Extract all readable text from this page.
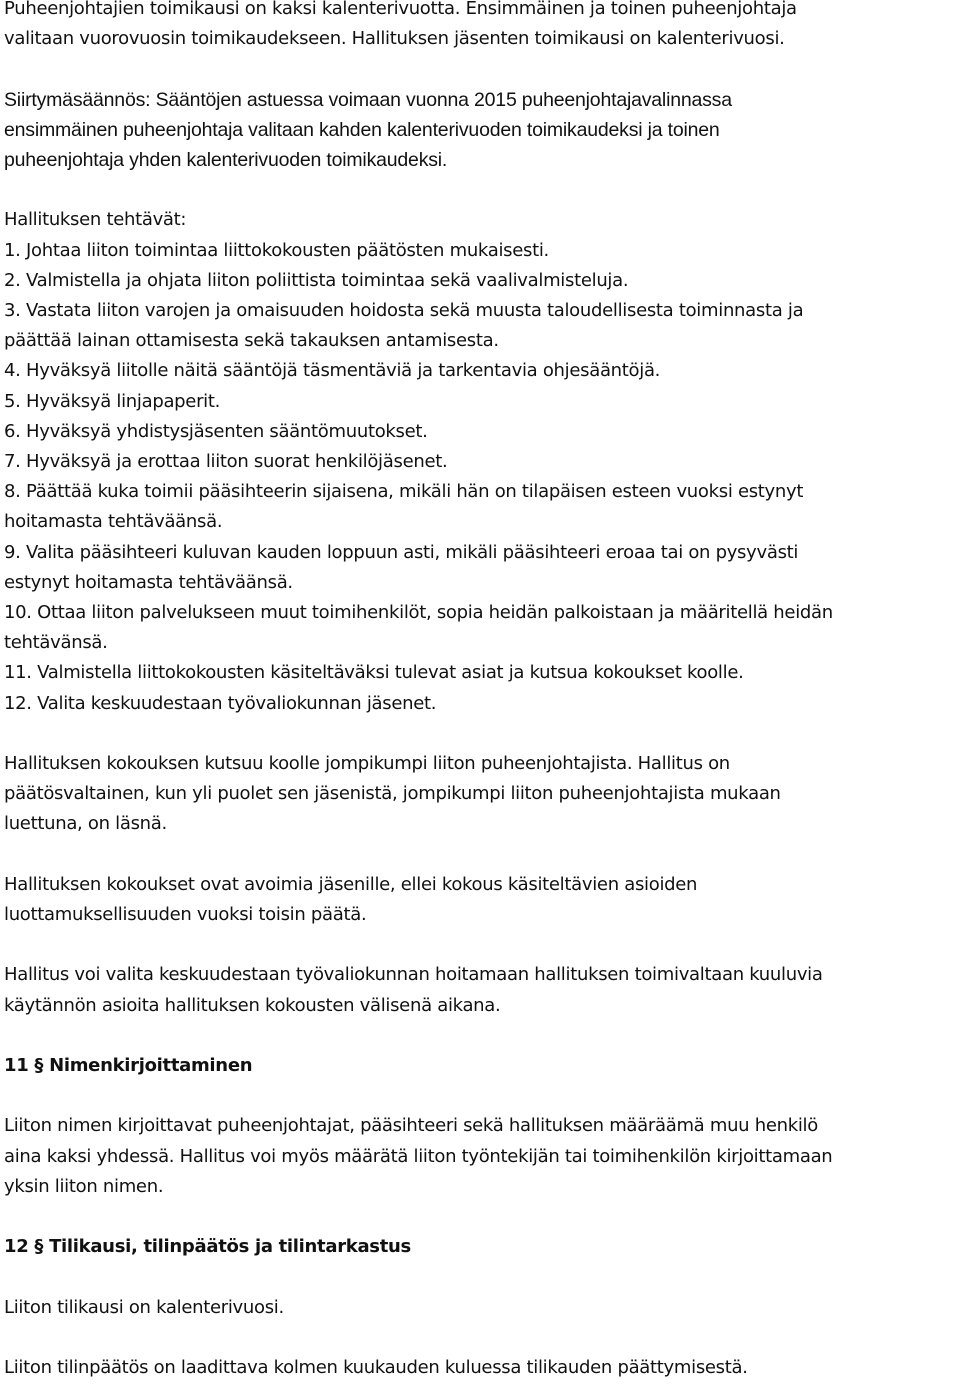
Puheenjohtajien toimikausi on kaksi kalenterivuotta. Ensimmäinen ja toinen puheenjohtaja
valitaan vuorovuosin toimikaudekseen. Hallituksen jäsenten toimikausi on kalenterivuosi.
Siirtymäsäännös: Sääntöjen astuessa voimaan vuonna 2015 puheenjohtajavalinnassa
ensimmäinen puheenjohtaja valitaan kahden kalenterivuoden toimikaudeksi ja toinen
puheenjohtaja yhden kalenterivuoden toimikaudeksi.
Hallituksen tehtävät:
1. Johtaa liiton toimintaa liittokokousten päätösten mukaisesti.
2. Valmistella ja ohjata liiton poliittista toimintaa sekä vaalivalmisteluja.
3. Vastata liiton varojen ja omaisuuden hoidosta sekä muusta taloudellisesta toiminnasta ja
päättää lainan ottamisesta sekä takauksen antamisesta.
4. Hyväksyä liitolle näitä sääntöjä täsmentäviä ja tarkentavia ohjesääntöjä.
5. Hyväksyä linjapaperit.
6. Hyväksyä yhdistysjäsenten sääntömuutokset.
7. Hyväksyä ja erottaa liiton suorat henkilöjäsenet.
8. Päättää kuka toimii pääsihteerin sijaisena, mikäli hän on tilapäisen esteen vuoksi estynyt
hoitamasta tehtäväänsä.
9. Valita pääsihteeri kuluvan kauden loppuun asti, mikäli pääsihteeri eroaa tai on pysyvästi
estynyt hoitamasta tehtäväänsä.
10. Ottaa liiton palvelukseen muut toimihenkilöt, sopia heidän palkoistaan ja määritellä heidän
tehtävänsä.
11. Valmistella liittokokousten käsiteltäväksi tulevat asiat ja kutsua kokoukset koolle.
12. Valita keskuudestaan työvaliokunnan jäsenet.
Hallituksen kokouksen kutsuu koolle jompikumpi liiton puheenjohtajista. Hallitus on
päätösvaltainen, kun yli puolet sen jäsenistä, jompikumpi liiton puheenjohtajista mukaan
luettuna, on läsnä.
Hallituksen kokoukset ovat avoimia jäsenille, ellei kokous käsiteltävien asioiden
luottamuksellisuuden vuoksi toisin päätä.
Hallitus voi valita keskuudestaan työvaliokunnan hoitamaan hallituksen toimivaltaan kuuluvia
käytännön asioita hallituksen kokousten välisenä aikana.
11 § Nimenkirjoittaminen
Liiton nimen kirjoittavat puheenjohtajat, pääsihteeri sekä hallituksen määräämä muu henkilö
aina kaksi yhdessä. Hallitus voi myös määrätä liiton työntekijän tai toimihenkilön kirjoittamaan
yksin liiton nimen.
12 § Tilikausi, tilinpäätös ja tilintarkastus
Liiton tilikausi on kalenterivuosi.
Liiton tilinpäätös on laadittava kolmen kuukauden kuluessa tilikauden päättymisestä.
